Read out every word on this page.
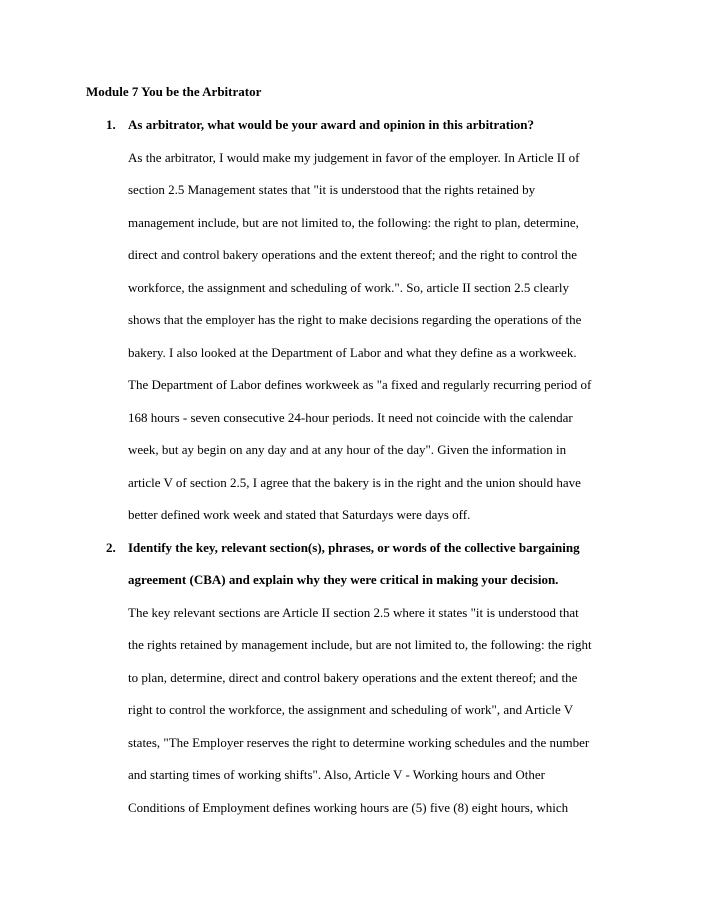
Module 7 You be the Arbitrator
1. As arbitrator, what would be your award and opinion in this arbitration?
As the arbitrator, I would make my judgement in favor of the employer. In Article II of
section 2.5 Management states that "it is understood that the rights retained by
management include, but are not limited to, the following: the right to plan, determine,
direct and control bakery operations and the extent thereof; and the right to control the
workforce, the assignment and scheduling of work.". So, article II section 2.5 clearly
shows that the employer has the right to make decisions regarding the operations of the
bakery. I also looked at the Department of Labor and what they define as a workweek.
The Department of Labor defines workweek as "a fixed and regularly recurring period of
168 hours - seven consecutive 24-hour periods. It need not coincide with the calendar
week, but ay begin on any day and at any hour of the day". Given the information in
article V of section 2.5, I agree that the bakery is in the right and the union should have
better defined work week and stated that Saturdays were days off.
2. Identify the key, relevant section(s), phrases, or words of the collective bargaining
agreement (CBA) and explain why they were critical in making your decision.
The key relevant sections are Article II section 2.5 where it states "it is understood that
the rights retained by management include, but are not limited to, the following: the right
to plan, determine, direct and control bakery operations and the extent thereof; and the
right to control the workforce, the assignment and scheduling of work", and Article V
states, "The Employer reserves the right to determine working schedules and the number
and starting times of working shifts". Also, Article V - Working hours and Other
Conditions of Employment defines working hours are (5) five (8) eight hours, which
